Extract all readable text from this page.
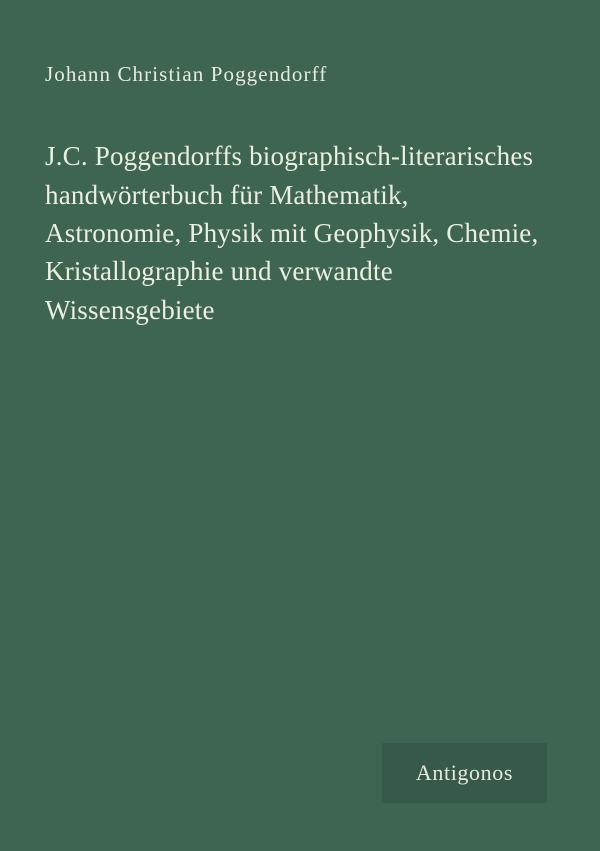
Johann Christian Poggendorff
J.C. Poggendorffs biographisch-literarisches handwörterbuch für Mathematik, Astronomie, Physik mit Geophysik, Chemie, Kristallographie und verwandte Wissensgebiete
Antigonos
